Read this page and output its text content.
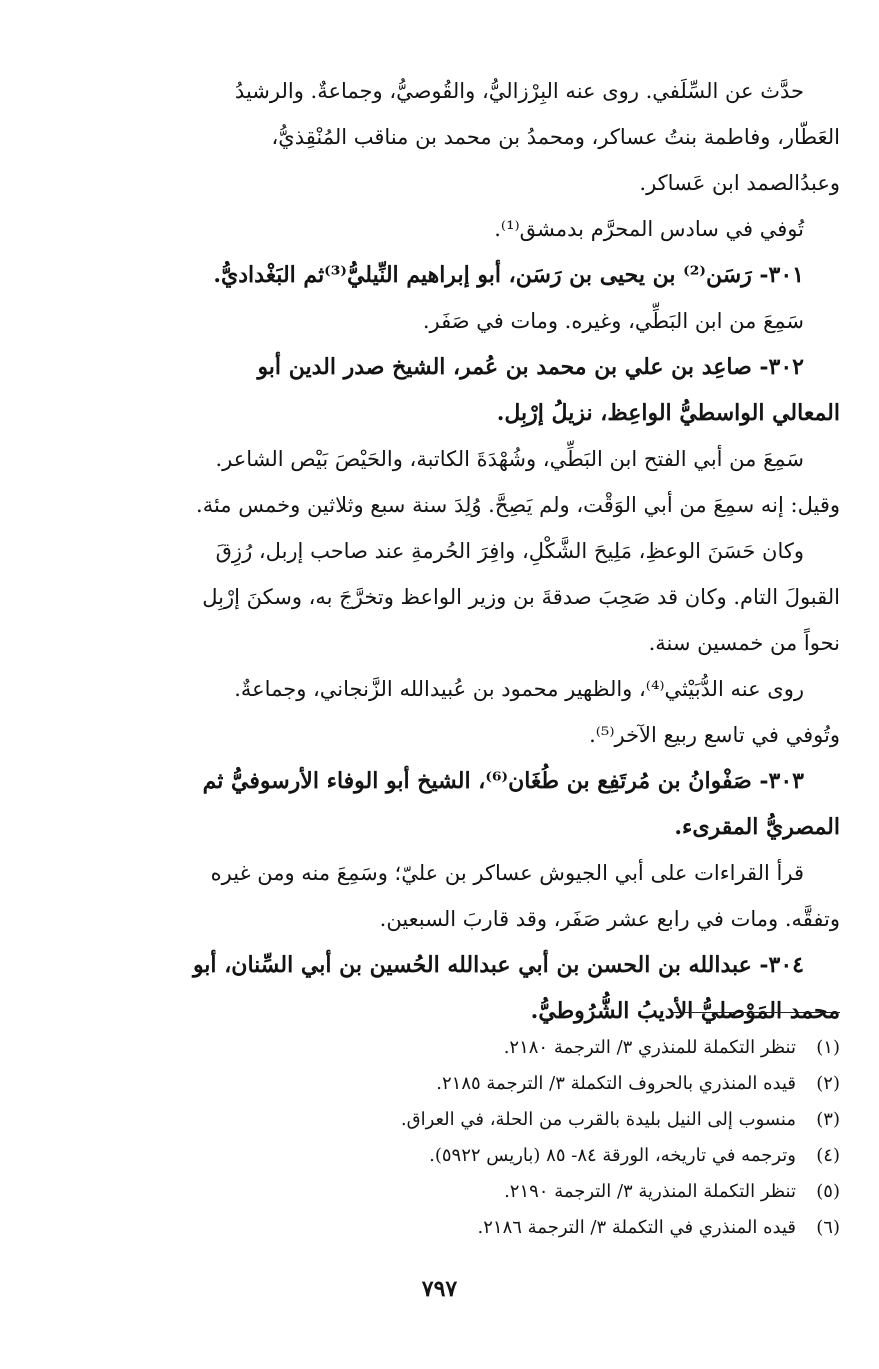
حدَّث عن السِّلَفي. روى عنه البِرْزاليُّ، والقُوصيُّ، وجماعةٌ. والرشيدُ
العَطّار، وفاطمة بنتُ عساكر، ومحمدُ بن محمد بن مناقب المُنْقِذيُّ،
وعبدُالصمد ابن عَساكر.
تُوفي في سادس المحرَّم بدمشق⁽¹⁾.
٣٠١- رَسَن⁽²⁾ بن يحيى بن رَسَن، أبو إبراهيم النِّيليُّ⁽³⁾ثم البَغْداديُّ.
سَمِعَ من ابن البَطِّي، وغيره. ومات في صَفَر.
٣٠٢- صاعِد بن علي بن محمد بن عُمر، الشيخ صدر الدين أبو
المعالي الواسطيُّ الواعِظ، نزيلُ إرْبِل.
سَمِعَ من أبي الفتح ابن البَطِّي، وشُهْدَةَ الكاتبة، والحَيْصَ بَيْص الشاعر.
وقيل: إنه سمِعَ من أبي الوَقْت، ولم يَصِحَّ. وُلِدَ سنة سبع وثلاثين وخمس مئة.
وكان حَسَنَ الوعظِ، مَلِيحَ الشَّكْلِ، وافِرَ الحُرمةِ عند صاحب إربل، رُزِقَ
القبولَ التام. وكان قد صَحِبَ صدقةَ بن وزير الواعظ وتخرَّجَ به، وسكنَ إرْبِل
نحواً من خمسين سنة.
روى عنه الدُّبَيْثي⁽⁴⁾، والظهير محمود بن عُبيدالله الزَّنجاني، وجماعةٌ.
وتُوفي في تاسع ربيع الآخر⁽⁵⁾.
٣٠٣- صَفْوانُ بن مُرتَفِع بن طُغَان⁽⁶⁾، الشيخ أبو الوفاء الأرسوفيُّ ثم
المصريُّ المقرىء.
قرأ القراءات على أبي الجيوش عساكر بن عليّ؛ وسَمِعَ منه ومن غيره
وتفقَّه. ومات في رابع عشر صَفَر، وقد قاربَ السبعين.
٣٠٤- عبدالله بن الحسن بن أبي عبدالله الحُسين بن أبي السِّنان، أبو
محمد المَوْصليُّ الأديبُ الشُّرُوطيُّ.
(١)تنظر التكملة للمنذري ٣/ الترجمة ٢١٨٠.
(٢)قيده المنذري بالحروف التكملة ٣/ الترجمة ٢١٨٥.
(٣)منسوب إلى النيل بليدة بالقرب من الحلة، في العراق.
(٤)وترجمه في تاريخه، الورقة ٨٤- ٨٥ (باريس ٥٩٢٢).
(٥)تنظر التكملة المنذرية ٣/ الترجمة ٢١٩٠.
(٦)قيده المنذري في التكملة ٣/ الترجمة ٢١٨٦.
٧٩٧
